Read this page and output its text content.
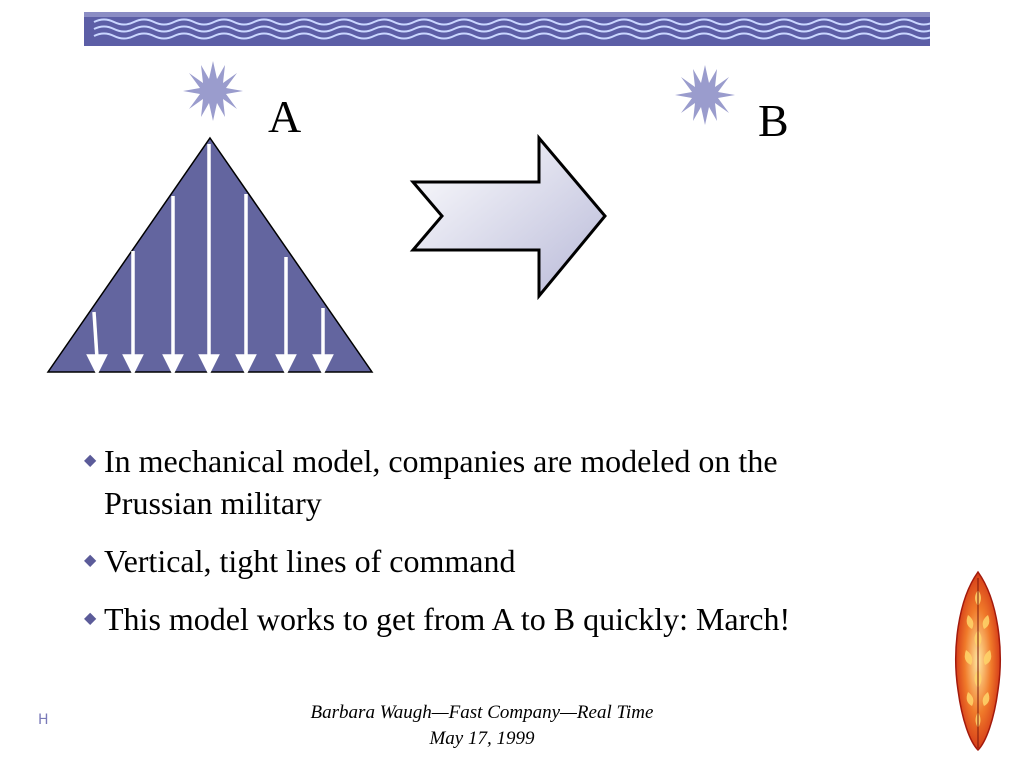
A	B
◆ In mechanical model, companies are modeled on the
Prussian military
◆ Vertical, tight lines of command
◆ This model works to get from A to B quickly: March!
H	Barbara Waugh—Fast Company—Real Time
May 17, 1999
